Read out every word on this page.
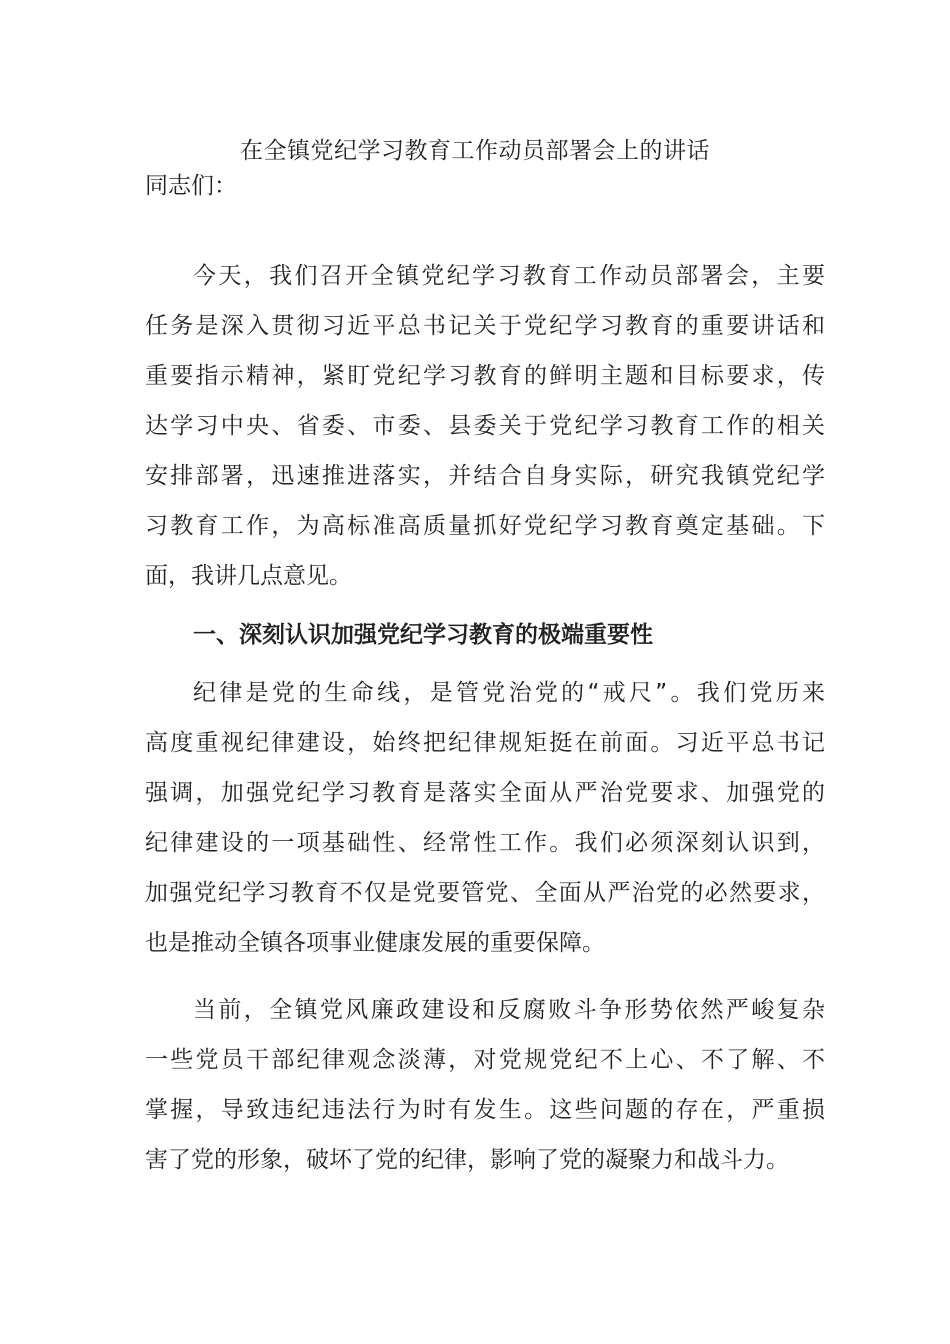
在全镇党纪学习教育工作动员部署会上的讲话
同志们：
今天，我们召开全镇党纪学习教育工作动员部署会，主要
任务是深入贯彻习近平总书记关于党纪学习教育的重要讲话和
重要指示精神，紧盯党纪学习教育的鲜明主题和目标要求，传
达学习中央、省委、市委、县委关于党纪学习教育工作的相关
安排部署，迅速推进落实，并结合自身实际，研究我镇党纪学
习教育工作，为高标准高质量抓好党纪学习教育奠定基础。下
面，我讲几点意见。
一、深刻认识加强党纪学习教育的极端重要性
纪律是党的生命线，是管党治党的“戒尺”。我们党历来
高度重视纪律建设，始终把纪律规矩挺在前面。习近平总书记
强调，加强党纪学习教育是落实全面从严治党要求、加强党的
纪律建设的一项基础性、经常性工作。我们必须深刻认识到，
加强党纪学习教育不仅是党要管党、全面从严治党的必然要求，
也是推动全镇各项事业健康发展的重要保障。
当前，全镇党风廉政建设和反腐败斗争形势依然严峻复杂
一些党员干部纪律观念淡薄，对党规党纪不上心、不了解、不
掌握，导致违纪违法行为时有发生。这些问题的存在，严重损
害了党的形象，破坏了党的纪律，影响了党的凝聚力和战斗力。
